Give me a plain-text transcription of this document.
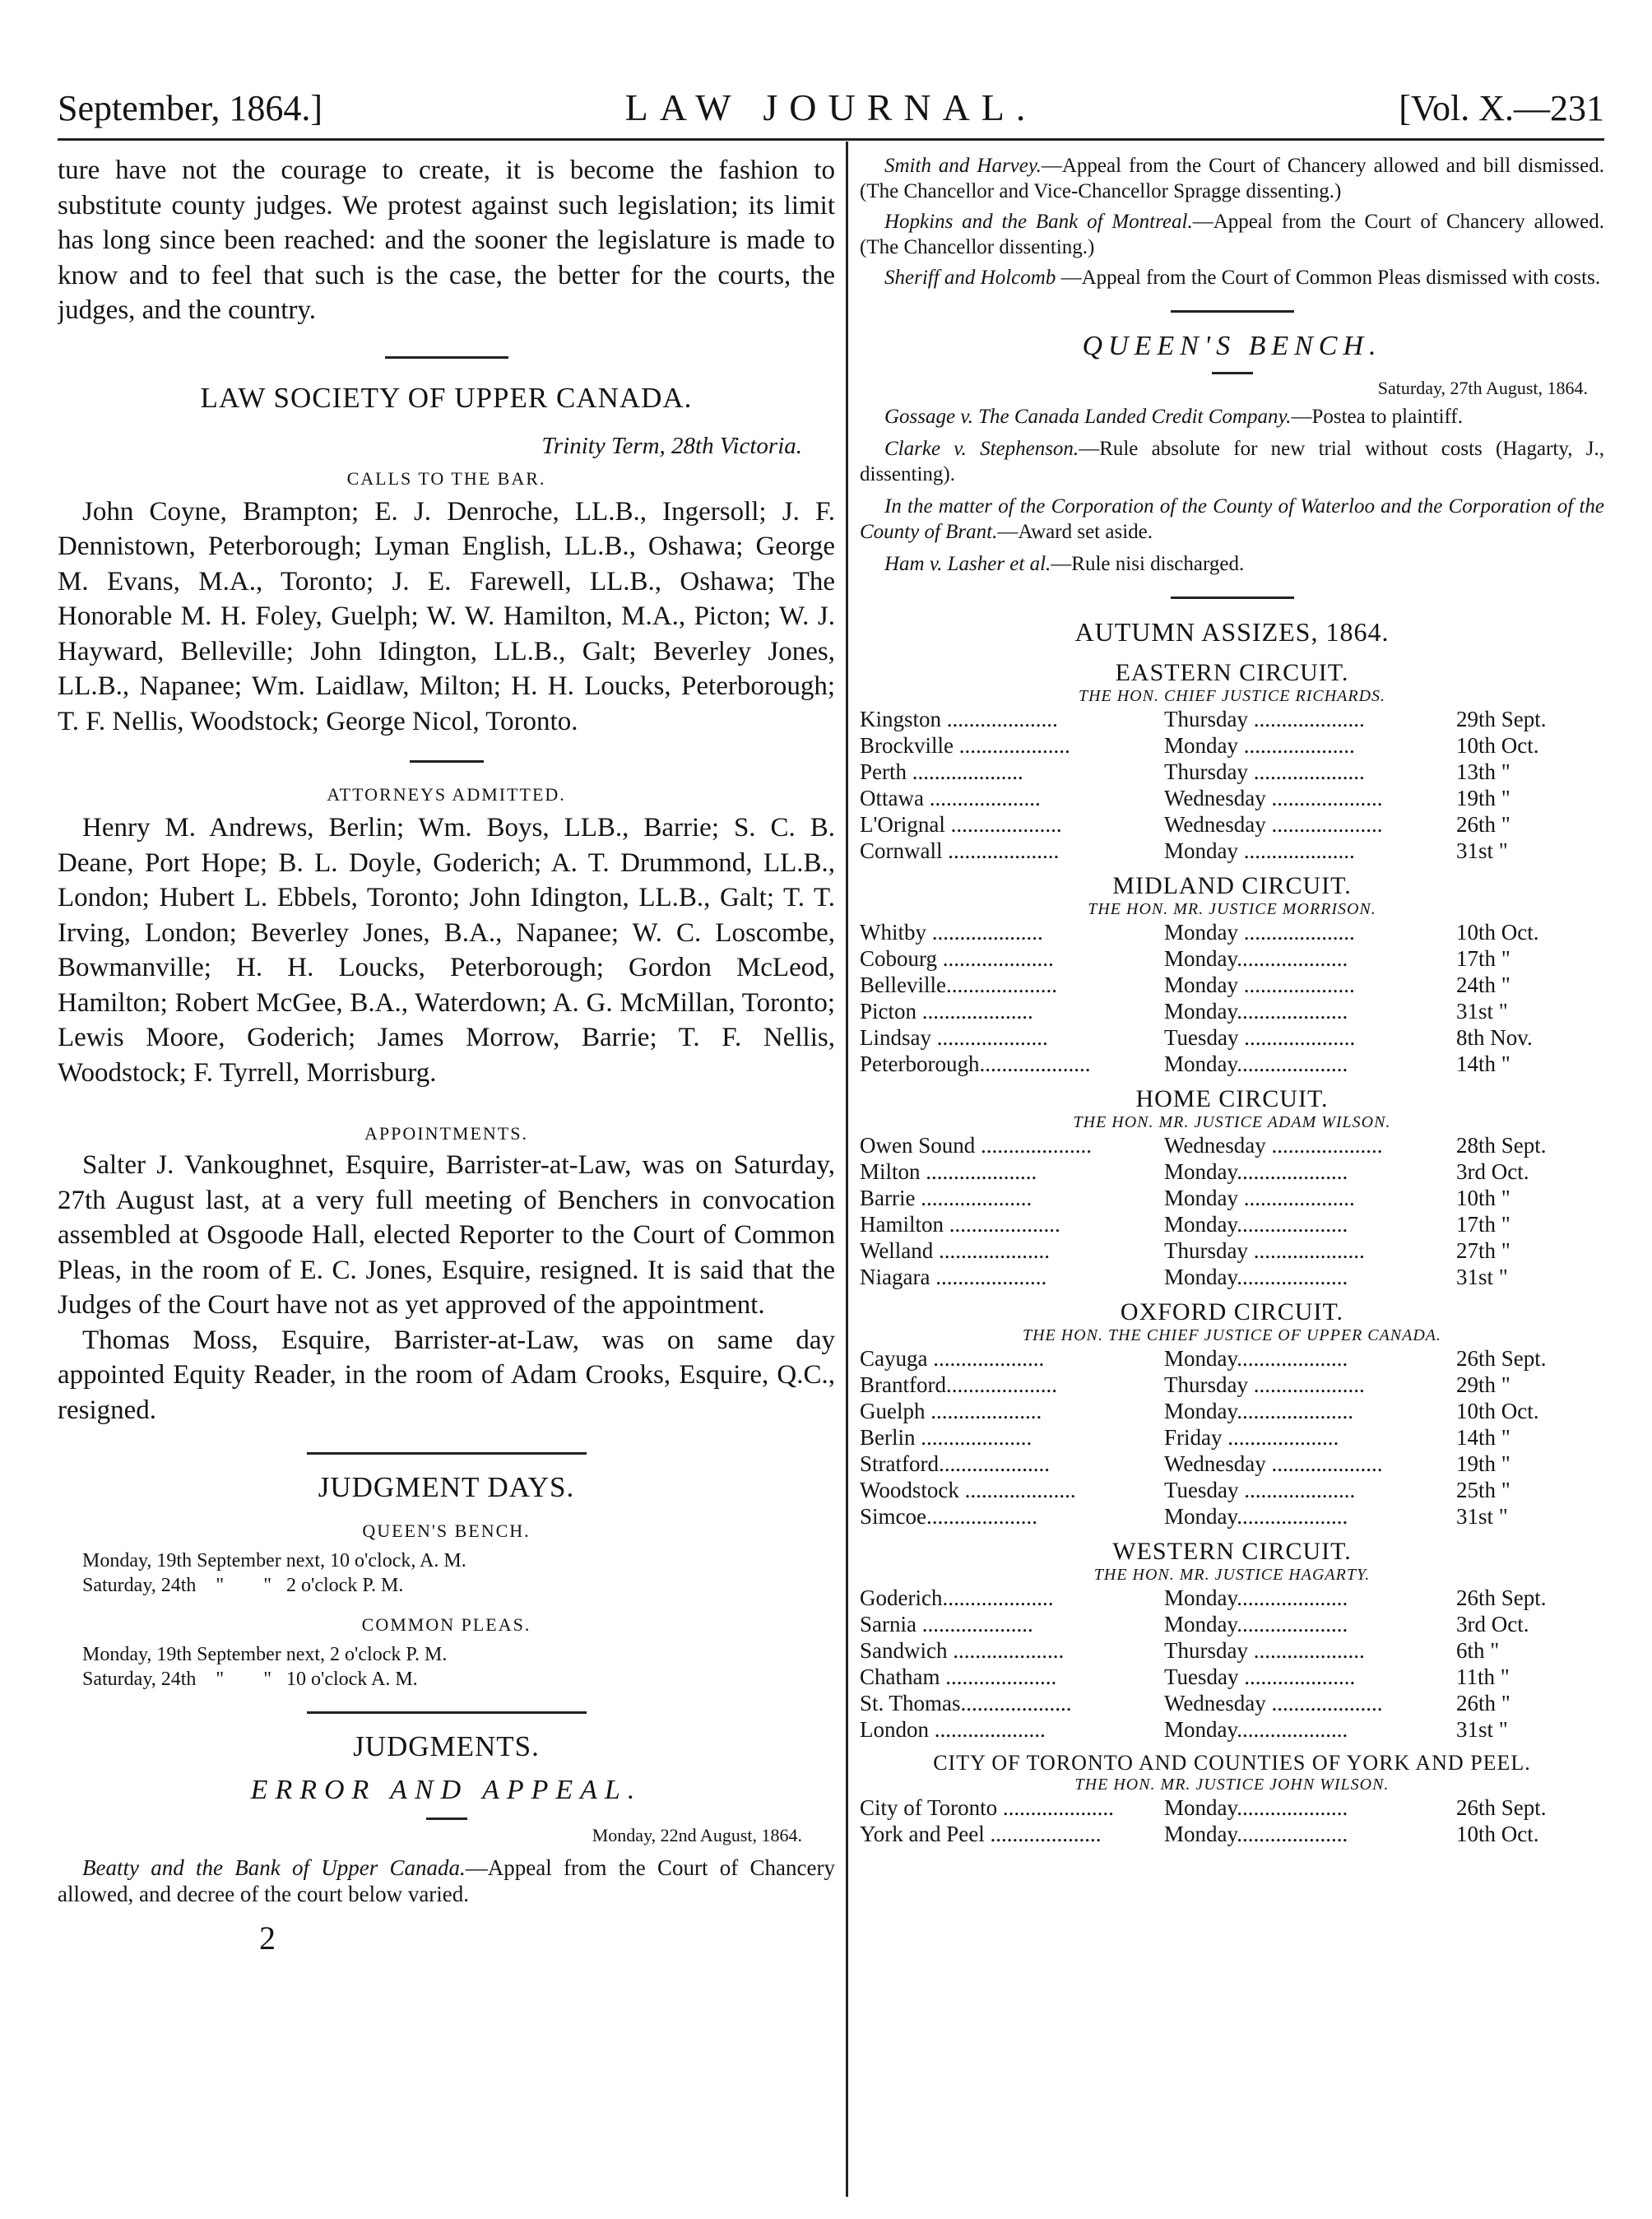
September, 1864.]	LAW JOURNAL.	[Vol. X.—231

ture have not the courage to create, it is become the fashion to substitute county judges. We protest against such legislation; its limit has long since been reached: and the sooner the legislature is made to know and to feel that such is the case, the better for the courts, the judges, and the country.

LAW SOCIETY OF UPPER CANADA.

Trinity Term, 28th Victoria.

CALLS TO THE BAR.

John Coyne, Brampton; E. J. Denroche, LL.B., Ingersoll; J. F. Dennistown, Peterborough; Lyman English, LL.B., Oshawa; George M. Evans, M.A., Toronto; J. E. Farewell, LL.B., Oshawa; The Honorable M. H. Foley, Guelph; W. W. Hamilton, M.A., Picton; W. J. Hayward, Belleville; John Idington, LL.B., Galt; Beverley Jones, LL.B., Napanee; Wm. Laidlaw, Milton; H. H. Loucks, Peterborough; T. F. Nellis, Woodstock; George Nicol, Toronto.

ATTORNEYS ADMITTED.

Henry M. Andrews, Berlin; Wm. Boys, LLB., Barrie; S. C. B. Deane, Port Hope; B. L. Doyle, Goderich; A. T. Drummond, LL.B., London; Hubert L. Ebbels, Toronto; John Idington, LL.B., Galt; T. T. Irving, London; Beverley Jones, B.A., Napanee; W. C. Loscombe, Bowmanville; H. H. Loucks, Peterborough; Gordon McLeod, Hamilton; Robert McGee, B.A., Waterdown; A. G. McMillan, Toronto; Lewis Moore, Goderich; James Morrow, Barrie; T. F. Nellis, Woodstock; F. Tyrrell, Morrisburg.

APPOINTMENTS.

Salter J. Vankoughnet, Esquire, Barrister-at-Law, was on Saturday, 27th August last, at a very full meeting of Benchers in convocation assembled at Osgoode Hall, elected Reporter to the Court of Common Pleas, in the room of E. C. Jones, Esquire, resigned. It is said that the Judges of the Court have not as yet approved of the appointment.

Thomas Moss, Esquire, Barrister-at-Law, was on same day appointed Equity Reader, in the room of Adam Crooks, Esquire, Q.C., resigned.

JUDGMENT DAYS.

QUEEN'S BENCH.

Monday, 19th September next, 10 o'clock, A. M.

Saturday, 24th    "        "   2 o'clock P. M.

COMMON PLEAS.

Monday, 19th September next, 2 o'clock P. M.

Saturday, 24th    "        "   10 o'clock A. M.

JUDGMENTS.

ERROR AND APPEAL.

Monday, 22nd August, 1864.

Beatty and the Bank of Upper Canada.—Appeal from the Court of Chancery allowed, and decree of the court below varied.

2

Smith and Harvey.—Appeal from the Court of Chancery allowed and bill dismissed. (The Chancellor and Vice-Chancellor Spragge dissenting.)

Hopkins and the Bank of Montreal.—Appeal from the Court of Chancery allowed. (The Chancellor dissenting.)

Sheriff and Holcomb —Appeal from the Court of Common Pleas dismissed with costs.

QUEEN'S BENCH.

Saturday, 27th August, 1864.

Gossage v. The Canada Landed Credit Company.—Postea to plaintiff.

Clarke v. Stephenson.—Rule absolute for new trial without costs (Hagarty, J., dissenting).

In the matter of the Corporation of the County of Waterloo and the Corporation of the County of Brant.—Award set aside.

Ham v. Lasher et al.—Rule nisi discharged.

AUTUMN ASSIZES, 1864.

EASTERN CIRCUIT.

THE HON. CHIEF JUSTICE RICHARDS.

Kingston ....................	Thursday ....................	29th Sept.
Brockville ....................	Monday ....................	10th Oct.
Perth ....................	Thursday ....................	13th "
Ottawa ....................	Wednesday ....................	19th "
L'Orignal ....................	Wednesday ....................	26th "
Cornwall ....................	Monday ....................	31st "

MIDLAND CIRCUIT.

THE HON. MR. JUSTICE MORRISON.

Whitby ....................	Monday ....................	10th Oct.
Cobourg ....................	Monday....................	17th "
Belleville....................	Monday ....................	24th "
Picton ....................	Monday....................	31st "
Lindsay ....................	Tuesday ....................	8th Nov.
Peterborough....................	Monday....................	14th "

HOME CIRCUIT.

THE HON. MR. JUSTICE ADAM WILSON.

Owen Sound ....................	Wednesday ....................	28th Sept.
Milton ....................	Monday....................	3rd Oct.
Barrie ....................	Monday ....................	10th "
Hamilton ....................	Monday....................	17th "
Welland ....................	Thursday ....................	27th "
Niagara ....................	Monday....................	31st "

OXFORD CIRCUIT.

THE HON. THE CHIEF JUSTICE OF UPPER CANADA.

Cayuga ....................	Monday....................	26th Sept.
Brantford....................	Thursday ....................	29th "
Guelph ....................	Monday.....................	10th Oct.
Berlin ....................	Friday ....................	14th "
Stratford....................	Wednesday ....................	19th "
Woodstock ....................	Tuesday ....................	25th "
Simcoe....................	Monday....................	31st "

WESTERN CIRCUIT.

THE HON. MR. JUSTICE HAGARTY.

Goderich....................	Monday....................	26th Sept.
Sarnia ....................	Monday....................	3rd Oct.
Sandwich ....................	Thursday ....................	6th "
Chatham ....................	Tuesday ....................	11th "
St. Thomas....................	Wednesday ....................	26th "
London ....................	Monday....................	31st "

CITY OF TORONTO AND COUNTIES OF YORK AND PEEL.

THE HON. MR. JUSTICE JOHN WILSON.

City of Toronto ....................	Monday....................	26th Sept.
York and Peel ....................	Monday....................	10th Oct.
